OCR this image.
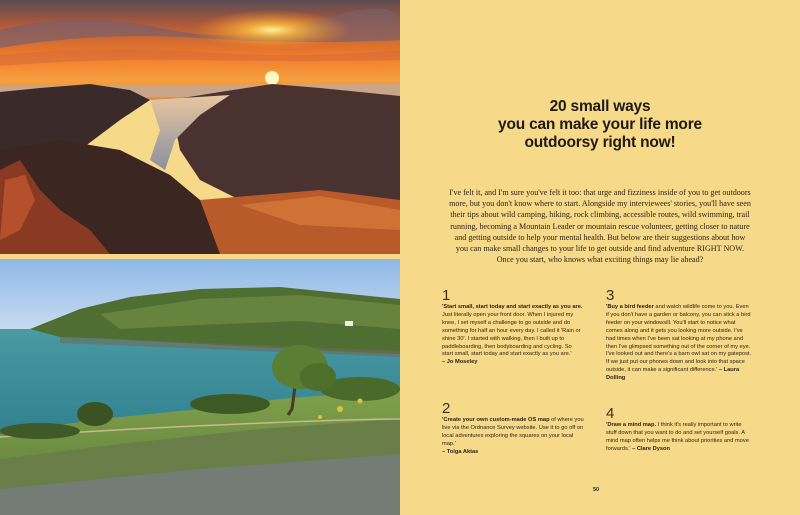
20 small ways
you can make your life more
outdoorsy right now!

I've felt it, and I'm sure you've felt it too: that urge and fizziness inside of you to get outdoors more, but you don't know where to start. Alongside my interviewees' stories, you'll have seen their tips about wild camping, hiking, rock climbing, accessible routes, wild swimming, trail running, becoming a Mountain Leader or mountain rescue volunteer, getting closer to nature and getting outside to help your mental health. But below are their suggestions about how you can make small changes to your life to get outside and find adventure RIGHT NOW. Once you start, who knows what exciting things may lie ahead?

1
'Start small, start today and start exactly as you are. Just literally open your front door. When I injured my knee, I set myself a challenge to go outside and do something for half an hour every day. I called it 'Rain or shine 30'. I started with walking, then I built up to paddleboarding, then bodyboarding and cycling. So start small, start today and start exactly as you are.'
– Jo Moseley
2
'Create your own custom-made OS map of where you live via the Ordnance Survey website. Use it to go off on local adventures exploring the squares on your local map.'
– Tolga Aktas
3
'Buy a bird feeder and watch wildlife come to you. Even if you don't have a garden or balcony, you can stick a bird feeder on your windowsill. You'll start to notice what comes along and it gets you looking more outside. I've had times when I've been sat looking at my phone and then I've glimpsed something out of the corner of my eye. I've looked out and there's a barn owl sat on my gatepost. If we just put our phones down and look into that space outside, it can make a significant difference.' – Laura Dolling
4
'Draw a mind map. I think it's really important to write stuff down that you want to do and set yourself goals. A mind map often helps me think about priorities and move forwards.' – Clare Dyson
50
